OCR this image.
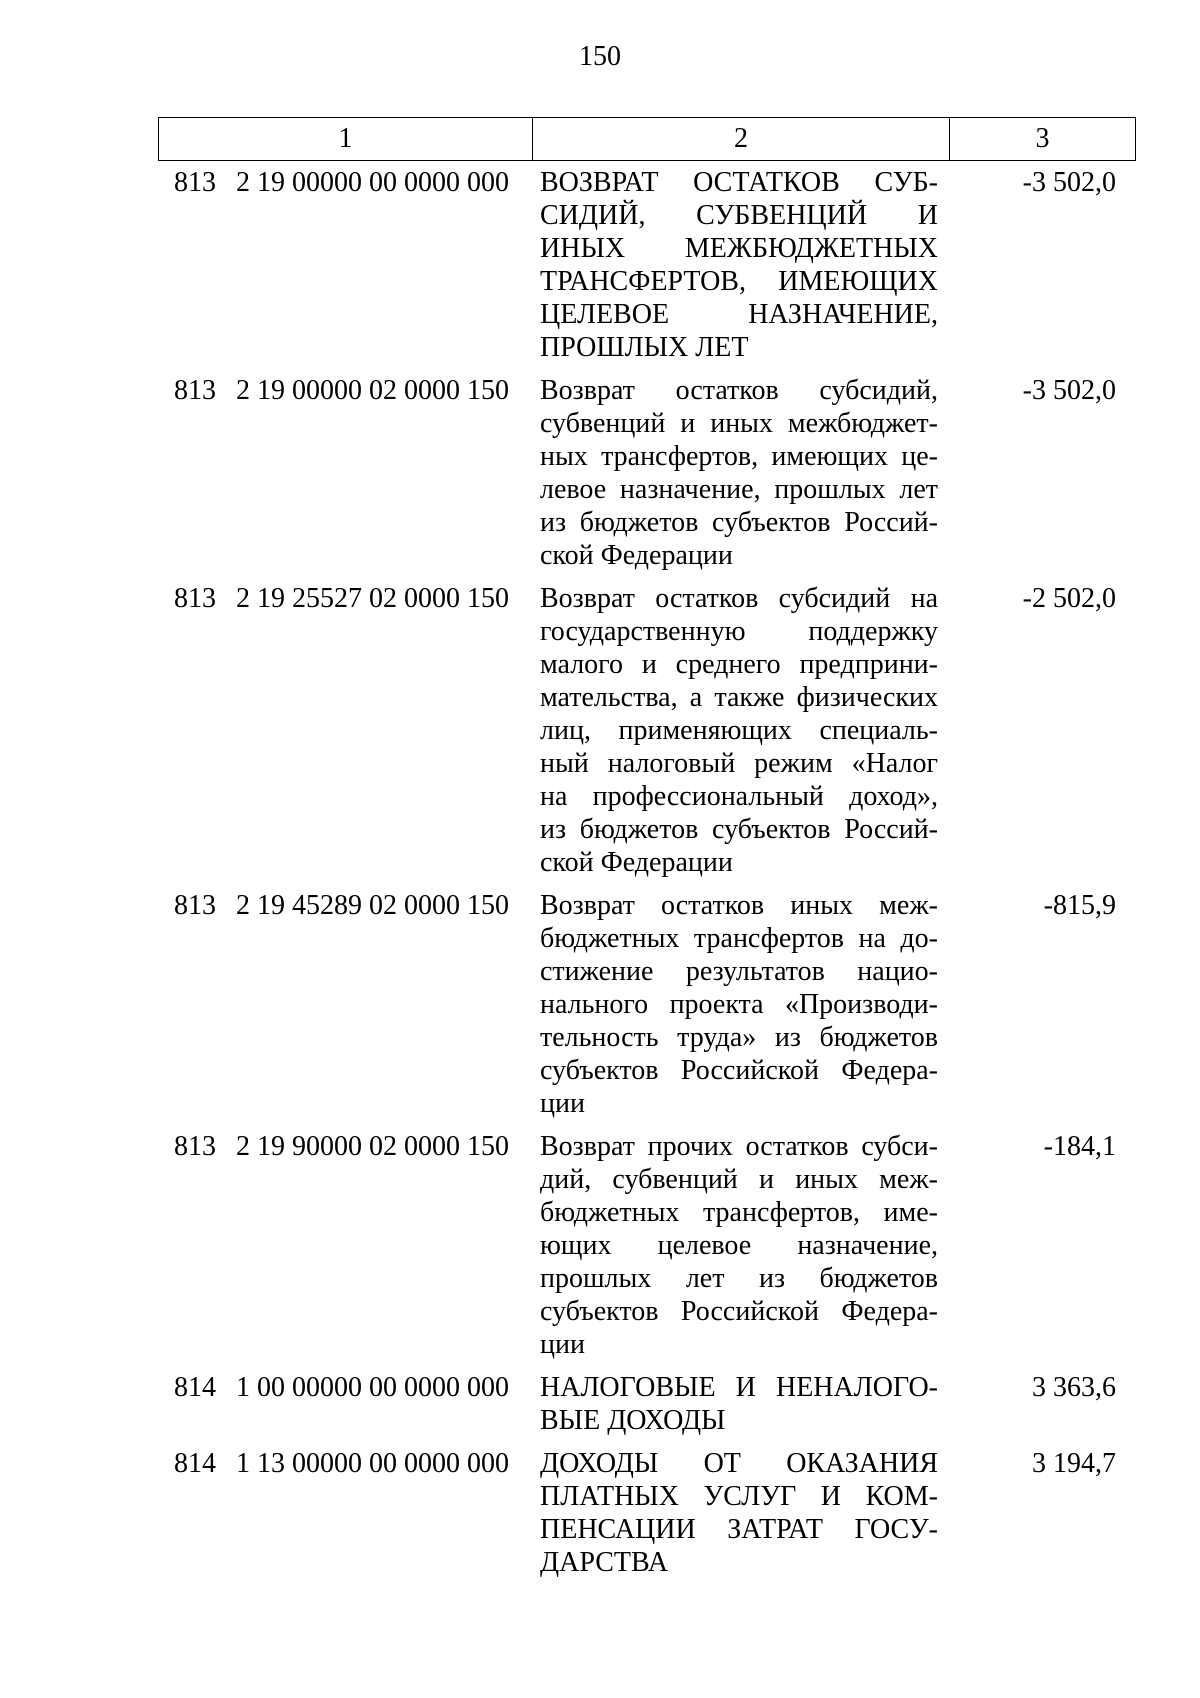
150
1	2	3
813 2 19 00000 00 0000 000	ВОЗВРАТ ОСТАТКОВ СУБ-
СИДИЙ, СУБВЕНЦИЙ И
ИНЫХ МЕЖБЮДЖЕТНЫХ
ТРАНСФЕРТОВ, ИМЕЮЩИХ
ЦЕЛЕВОЕ НАЗНАЧЕНИЕ,
ПРОШЛЫХ ЛЕТ
-3 502,0
813 2 19 00000 02 0000 150	Возврат остатков субсидий,
субвенций и иных межбюджет-
ных трансфертов, имеющих це-
левое назначение, прошлых лет
из бюджетов субъектов Россий-
ской Федерации
-3 502,0
813 2 19 25527 02 0000 150	Возврат остатков субсидий на
государственную поддержку
малого и среднего предприни-
мательства, а также физических
лиц, применяющих специаль-
ный налоговый режим «Налог
на профессиональный доход»,
из бюджетов субъектов Россий-
ской Федерации
-2 502,0
813 2 19 45289 02 0000 150	Возврат остатков иных меж-
бюджетных трансфертов на до-
стижение результатов нацио-
нального проекта «Производи-
тельность труда» из бюджетов
субъектов Российской Федера-
ции
-815,9
813 2 19 90000 02 0000 150	Возврат прочих остатков субси-
дий, субвенций и иных меж-
бюджетных трансфертов, име-
ющих целевое назначение,
прошлых лет из бюджетов
субъектов Российской Федера-
ции
-184,1
814 1 00 00000 00 0000 000	НАЛОГОВЫЕ И НЕНАЛОГО-
ВЫЕ ДОХОДЫ
3 363,6
814 1 13 00000 00 0000 000	ДОХОДЫ ОТ ОКАЗАНИЯ
ПЛАТНЫХ УСЛУГ И КОМ-
ПЕНСАЦИИ ЗАТРАТ ГОСУ-
ДАРСТВА
3 194,7
